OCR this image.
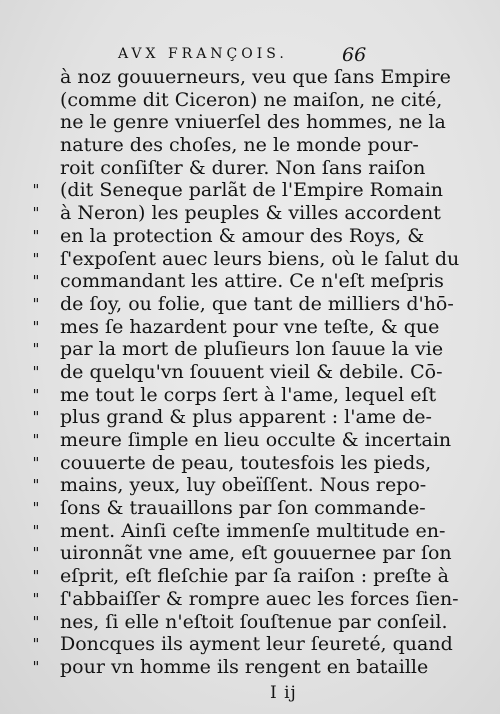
AVX FRANÇOIS.	66
à noz gouuerneurs, veu que ſans Empire
(comme dit Ciceron) ne maiſon, ne cité,
ne le genre vniuerſel des hommes, ne la
nature des choſes, ne le monde pour-
roit conſiſter & durer. Non ſans raiſon
" (dit Seneque parlãt de l'Empire Romain
" à Neron) les peuples & villes accordent
" en la protection & amour des Roys, &
" ſ'expoſent auec leurs biens, où le ſalut du
" commandant les attire. Ce n'eſt meſpris
" de ſoy, ou folie, que tant de milliers d'hō-
" mes ſe hazardent pour vne teſte, & que
" par la mort de pluſieurs lon ſauue la vie
" de quelqu'vn ſouuent vieil & debile. Cō-
" me tout le corps ſert à l'ame, lequel eſt
" plus grand & plus apparent : l'ame de-
" meure ſimple en lieu occulte & incertain
" couuerte de peau, toutesfois les pieds,
" mains, yeux, luy obeïſſent. Nous repo-
" ſons & trauaillons par ſon commande-
" ment. Ainſi ceſte immenſe multitude en-
" uironnãt vne ame, eſt gouuernee par ſon
" eſprit, eſt fleſchie par ſa raiſon : preſte à
" ſ'abbaiſſer & rompre auec les forces ſien-
" nes, ſi elle n'eſtoit ſouſtenue par conſeil.
" Doncques ils ayment leur ſeureté, quand
" pour vn homme ils rengent en bataille
I ij
